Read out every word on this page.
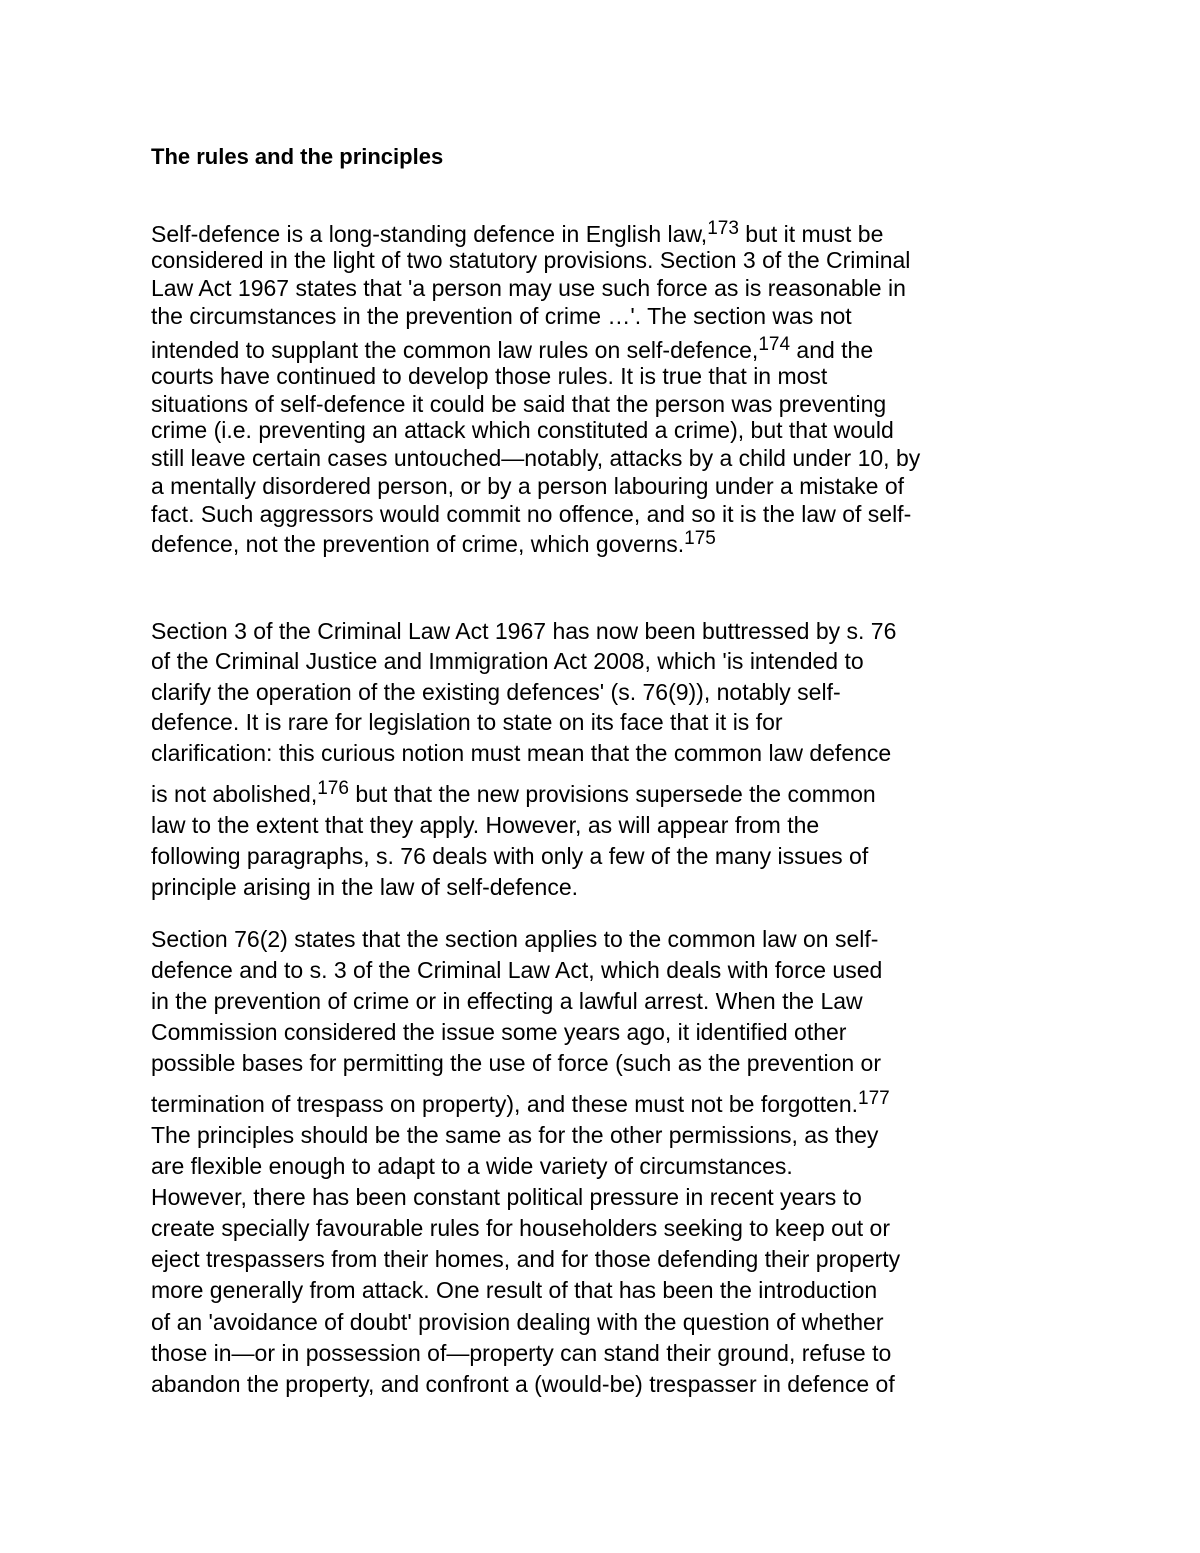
The rules and the principles

Self-defence is a long-standing defence in English law,$^{173}$ but it must be

considered in the light of two statutory provisions. Section 3 of the Criminal

Law Act 1967 states that 'a person may use such force as is reasonable in

the circumstances in the prevention of crime …'. The section was not

intended to supplant the common law rules on self-defence,$^{174}$ and the

courts have continued to develop those rules. It is true that in most

situations of self-defence it could be said that the person was preventing

crime (i.e. preventing an attack which constituted a crime), but that would

still leave certain cases untouched—notably, attacks by a child under 10, by

a mentally disordered person, or by a person labouring under a mistake of

fact. Such aggressors would commit no offence, and so it is the law of self-

defence, not the prevention of crime, which governs.$^{175}$

Section 3 of the Criminal Law Act 1967 has now been buttressed by s. 76

of the Criminal Justice and Immigration Act 2008, which 'is intended to

clarify the operation of the existing defences' (s. 76(9)), notably self-

defence. It is rare for legislation to state on its face that it is for

clarification: this curious notion must mean that the common law defence

is not abolished,$^{176}$ but that the new provisions supersede the common

law to the extent that they apply. However, as will appear from the

following paragraphs, s. 76 deals with only a few of the many issues of

principle arising in the law of self-defence.

Section 76(2) states that the section applies to the common law on self-

defence and to s. 3 of the Criminal Law Act, which deals with force used

in the prevention of crime or in effecting a lawful arrest. When the Law

Commission considered the issue some years ago, it identified other

possible bases for permitting the use of force (such as the prevention or

termination of trespass on property), and these must not be forgotten.$^{177}$

The principles should be the same as for the other permissions, as they

are flexible enough to adapt to a wide variety of circumstances.

However, there has been constant political pressure in recent years to

create specially favourable rules for householders seeking to keep out or

eject trespassers from their homes, and for those defending their property

more generally from attack. One result of that has been the introduction

of an 'avoidance of doubt' provision dealing with the question of whether

those in—or in possession of—property can stand their ground, refuse to

abandon the property, and confront a (would-be) trespasser in defence of
